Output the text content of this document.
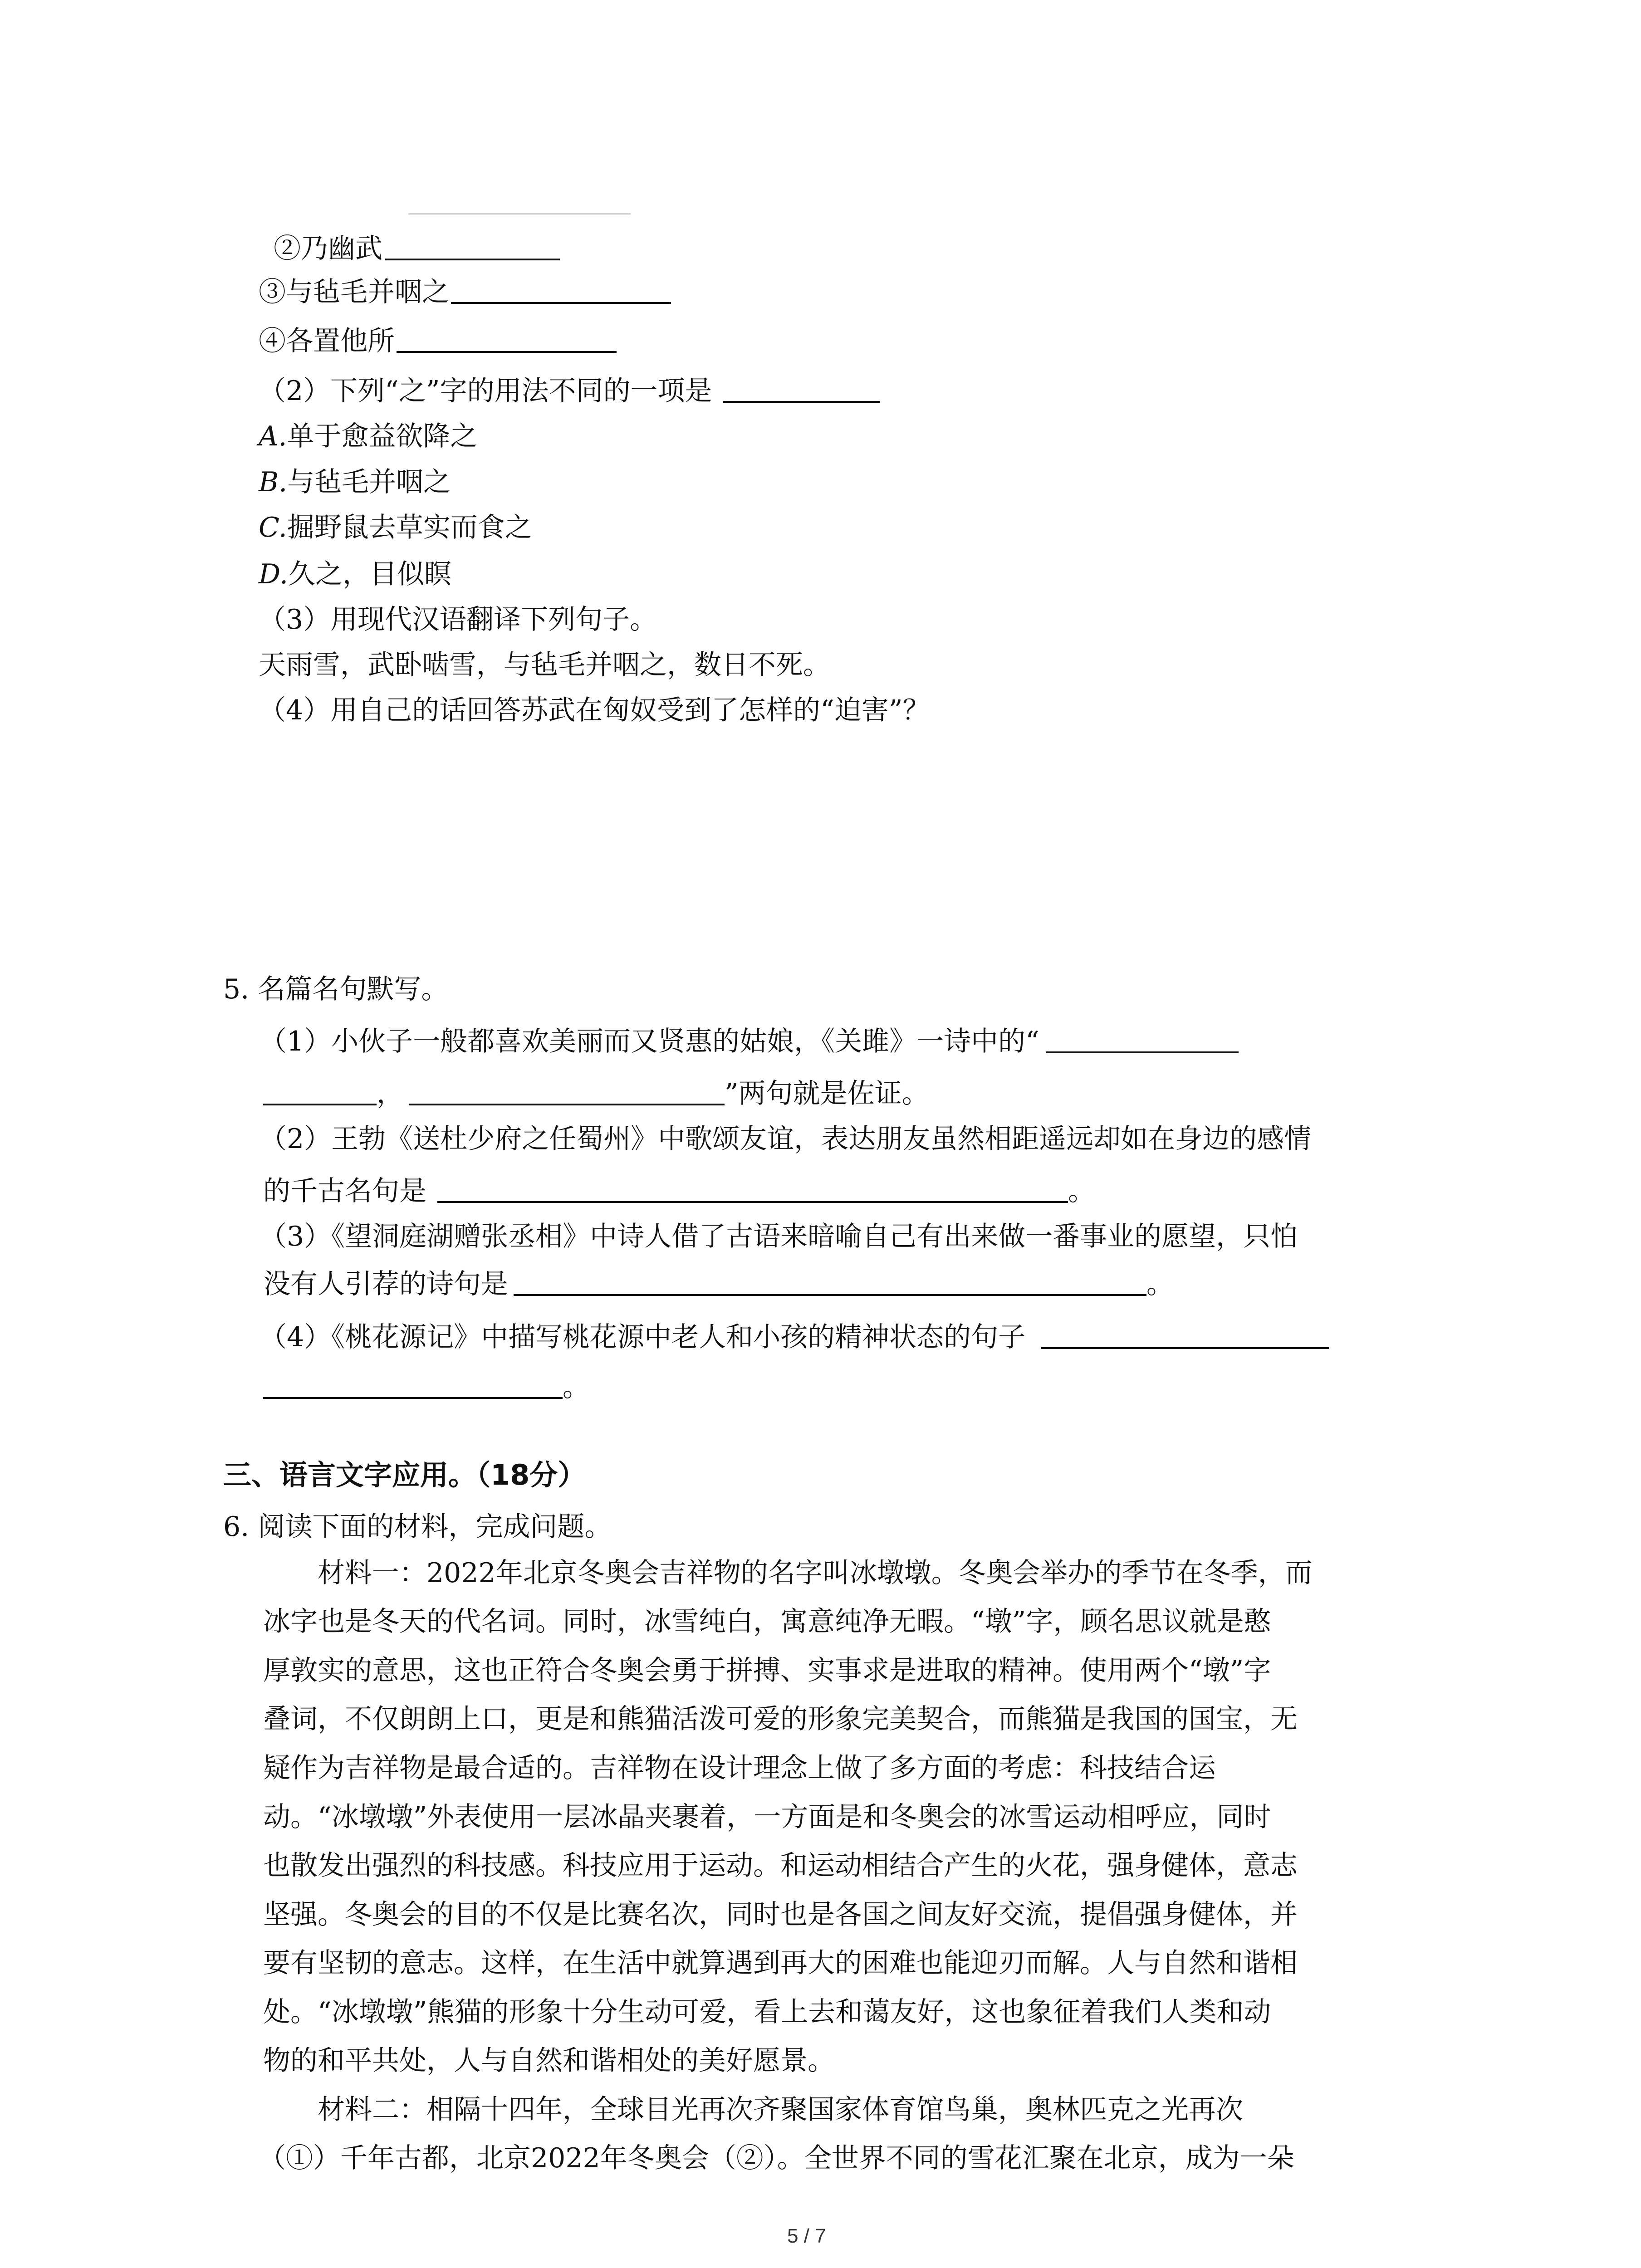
②乃幽武
③与毡毛并咽之
④各置他所
（2）下列“之”字的用法不同的一项是
A.单于愈益欲降之
B.与毡毛并咽之
C.掘野鼠去草实而食之
D.久之，目似瞑
（3）用现代汉语翻译下列句子。
天雨雪，武卧啮雪，与毡毛并咽之，数日不死。
（4）用自己的话回答苏武在匈奴受到了怎样的“迫害”？
5. 名篇名句默写。
（1）小伙子一般都喜欢美丽而又贤惠的姑娘，《关雎》一诗中的“
，	”两句就是佐证。
（2）王勃《送杜少府之任蜀州》中歌颂友谊，表达朋友虽然相距遥远却如在身边的感情
的千古名句是	。
（3）《望洞庭湖赠张丞相》中诗人借了古语来暗喻自己有出来做一番事业的愿望，只怕
没有人引荐的诗句是	。
（4）《桃花源记》中描写桃花源中老人和小孩的精神状态的句子
。
三、语言文字应用。（18分）
6. 阅读下面的材料，完成问题。
材料一：2022年北京冬奥会吉祥物的名字叫冰墩墩。冬奥会举办的季节在冬季，而
冰字也是冬天的代名词。同时，冰雪纯白，寓意纯净无暇。“墩”字，顾名思议就是憨
厚敦实的意思，这也正符合冬奥会勇于拼搏、实事求是进取的精神。使用两个“墩”字
叠词，不仅朗朗上口，更是和熊猫活泼可爱的形象完美契合，而熊猫是我国的国宝，无
疑作为吉祥物是最合适的。吉祥物在设计理念上做了多方面的考虑：科技结合运
动。“冰墩墩”外表使用一层冰晶夹裹着，一方面是和冬奥会的冰雪运动相呼应，同时
也散发出强烈的科技感。科技应用于运动。和运动相结合产生的火花，强身健体，意志
坚强。冬奥会的目的不仅是比赛名次，同时也是各国之间友好交流，提倡强身健体，并
要有坚韧的意志。这样，在生活中就算遇到再大的困难也能迎刃而解。人与自然和谐相
处。“冰墩墩”熊猫的形象十分生动可爱，看上去和蔼友好，这也象征着我们人类和动
物的和平共处，人与自然和谐相处的美好愿景。
材料二：相隔十四年，全球目光再次齐聚国家体育馆鸟巢，奥林匹克之光再次
（①）千年古都，北京2022年冬奥会（②）。全世界不同的雪花汇聚在北京，成为一朵
5 / 7
